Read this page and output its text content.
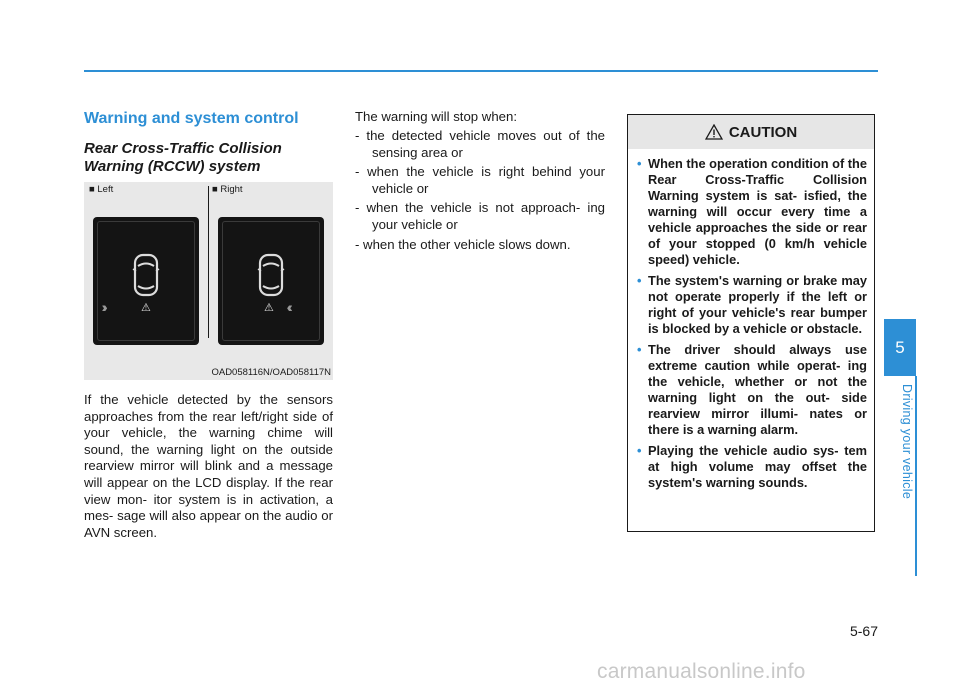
Warning and system control
Rear Cross-Traffic Collision Warning (RCCW) system
■ Left	■ Right
⚠	⚠
OAD058116N/OAD058117N

If the vehicle detected by the sensors approaches from the rear left/right side of your vehicle, the warning chime will sound, the warning light on the outside rearview mirror will blink and a message will appear on the LCD display. If the rear view mon- itor system is in activation, a mes- sage will also appear on the audio or AVN screen.

The warning will stop when:

- the detected vehicle moves out of the sensing area or
- when the vehicle is right behind your vehicle or
- when the vehicle is not approach- ing your vehicle or
- when the other vehicle slows down.
CAUTION
• When the operation condition of the Rear Cross-Traffic Collision Warning system is sat- isfied, the warning will occur every time a vehicle approaches the side or rear of your stopped (0 km/h vehicle speed) vehicle.
• The system's warning or brake may not operate properly if the left or right of your vehicle's rear bumper is blocked by a vehicle or obstacle.
• The driver should always use extreme caution while operat- ing the vehicle, whether or not the warning light on the out- side rearview mirror illumi- nates or there is a warning alarm.
• Playing the vehicle audio sys- tem at high volume may offset the system's warning sounds.
5
Driving your vehicle
5-67
carmanualsonline.info
